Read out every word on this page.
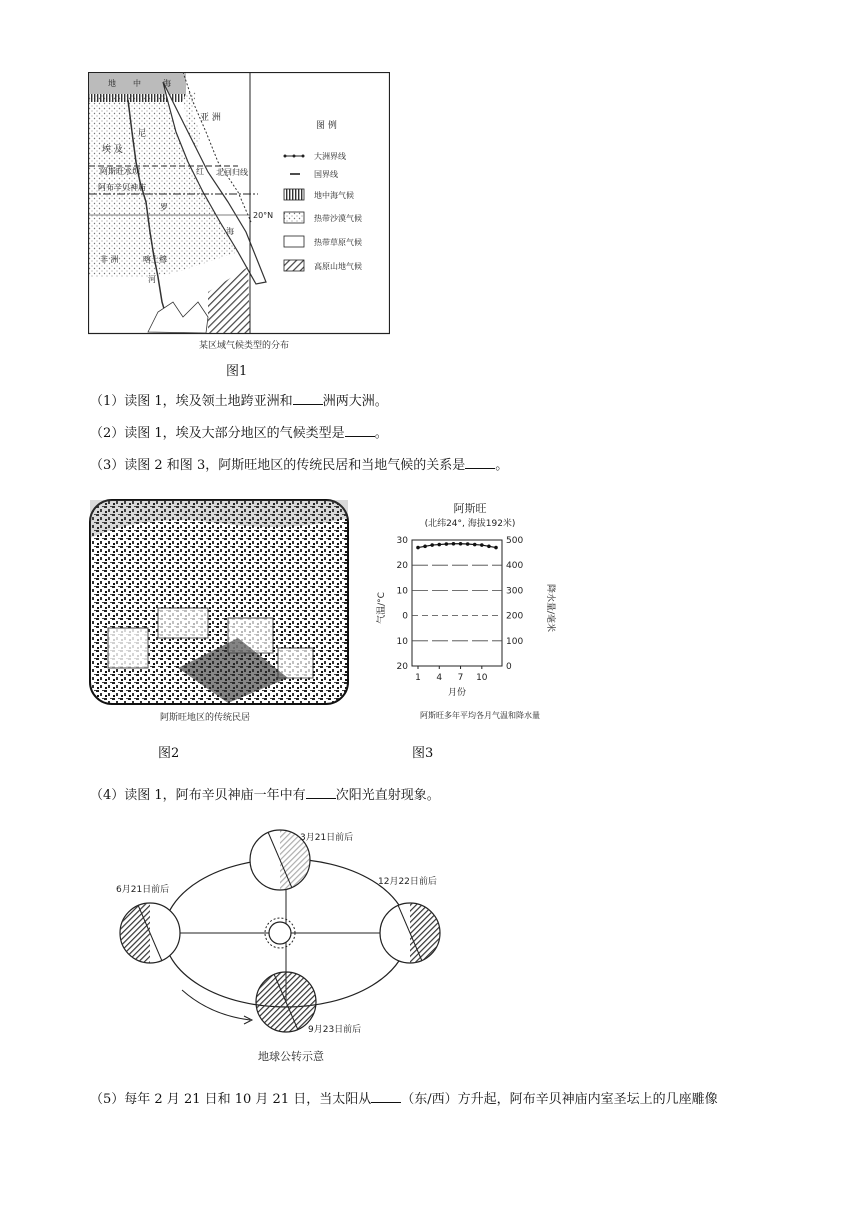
地 中	海
亚 洲
埃 及
阿斯旺水坝
阿布辛贝神庙
红 北回归线
20°N
海
非 洲	喀土穆
尼
罗
河
图 例
大洲界线
国界线
地中海气候
热带沙漠气候
热带草原气候
高原山地气候
某区域气候类型的分布
图1
（1）读图 1，埃及领土地跨亚洲和 洲两大洲。
（2）读图 1，埃及大部分地区的气候类型是 。
（3）读图 2 和图 3，阿斯旺地区的传统民居和当地气候的关系是 。
阿斯旺地区的传统民居
图2
阿斯旺
(北纬24°, 海拔192米)
30
20
10
0
10
20
500
400
300
200
100
0
1 4 7 10
气温/°C	降水量/毫米
月份
阿斯旺多年平均各月气温和降水量
图3
（4）读图 1，阿布辛贝神庙一年中有 次阳光直射现象。
3月21日前后
6月21日前后
12月22日前后
9月23日前后
地球公转示意
（5）每年 2 月 21 日和 10 月 21 日，当太阳从 （东/西）方升起，阿布辛贝神庙内室圣坛上的几座雕像
